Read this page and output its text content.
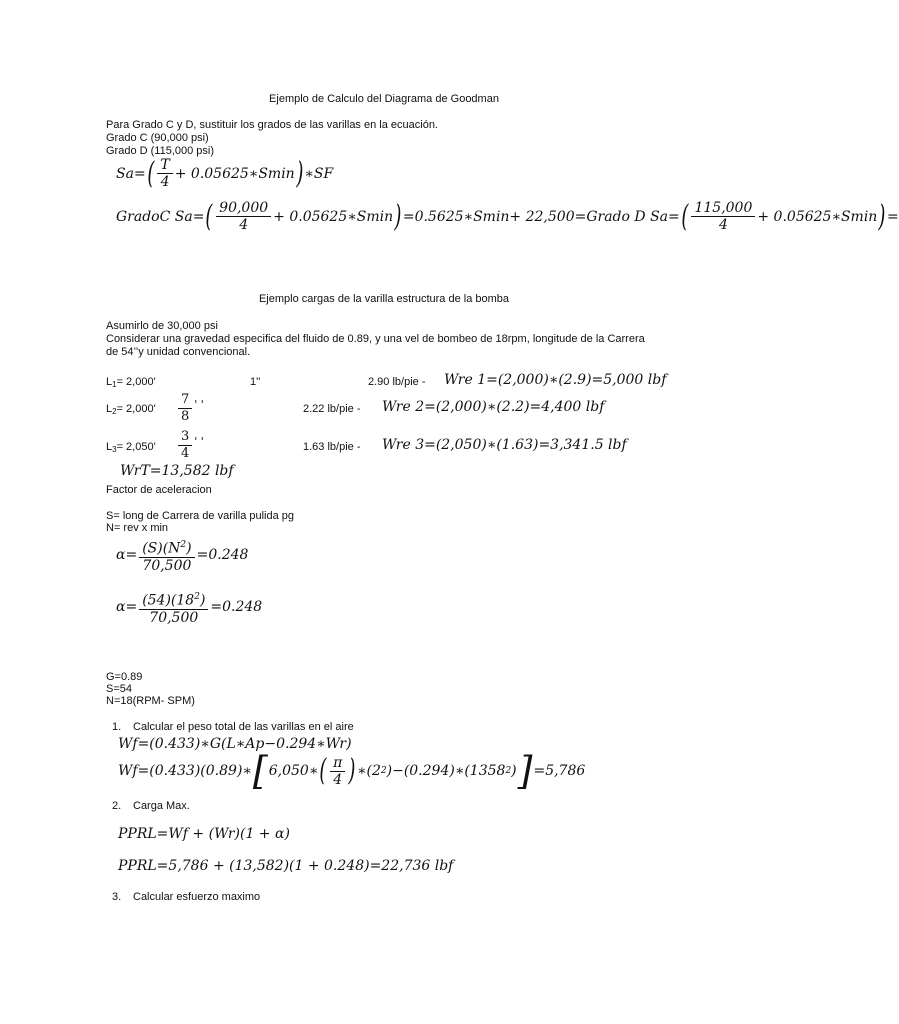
Ejemplo de Calculo del Diagrama de Goodman
Para Grado C y D, sustituir los grados de las varillas en la ecuación.
Grado C (90,000 psi)
Grado D (115,000 psi)
Sa= ( $\frac{T}{4}$ + 0.05625∗Smin ) ∗SF
GradoC Sa= ( $\frac{90,000}{4}$ + 0.05625∗Smin ) =0.5625∗Smin+ 22,500=Grado D Sa= ( $\frac{115,000}{4}$ + 0.05625∗Smin ) =
Ejemplo cargas de la varilla estructura de la bomba
Asumirlo de 30,000 psi
Considerar una gravedad especifica del fluido de 0.89, y una vel de bombeo de 18rpm, longitude de la Carrera
de 54’’y unidad convencional.
$L_1= 2,000'$	1''	2.90 lb/pie - Wre 1=(2,000)∗(2.9)=5,000 lbf
$L_2= 2,000' \frac{7}{8}$ ' '	2.22 lb/pie - Wre 2=(2,000)∗(2.2)=4,400 lbf
$L_3= 2,050' \frac{3}{4}$ ' '	1.63 lb/pie - Wre 3=(2,050)∗(1.63)=3,341.5 lbf
WrT=13,582 lbf
Factor de aceleracion
S= long de Carrera de varilla pulida pg
N= rev x min
$\alpha= \frac{(S)(N^2)}{70,500} =0.248$
$\alpha= \frac{(54)(18^2)}{70,500} =0.248$
G=0.89
S=54
N=18(RPM- SPM)
1. Calcular el peso total de las varillas en el aire
Wf=(0.433)∗G(L∗Ap−0.294∗Wr)
Wf=(0.433)(0.89)∗ [ 6,050∗ ( $\frac{\pi}{4}$ ) ∗(2 2 )−(0.294)∗(1358 2 ) ] =5,786
2. Carga Max.
PPRL=Wf + (Wr)(1 + α)
PPRL=5,786 + (13,582)(1 + 0.248)=22,736 lbf
3. Calcular esfuerzo maximo
